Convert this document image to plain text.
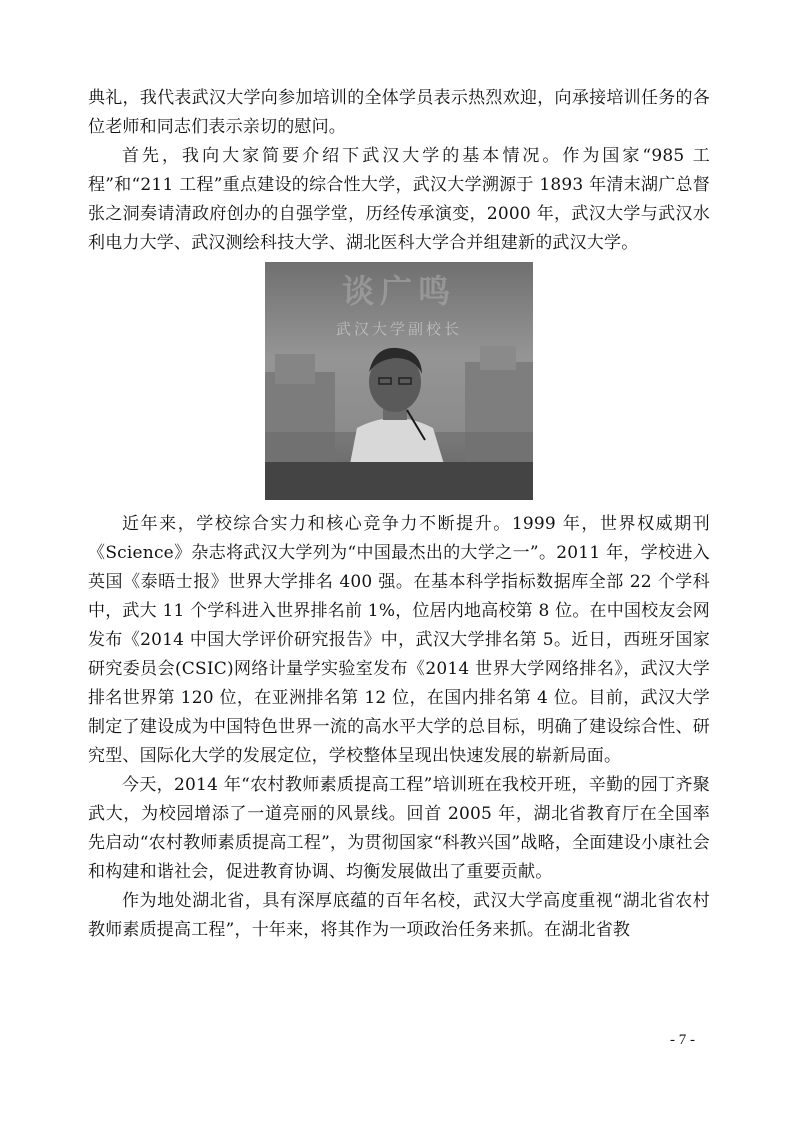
典礼，我代表武汉大学向参加培训的全体学员表示热烈欢迎，向承接培训任务的各位老师和同志们表示亲切的慰问。

首先，我向大家简要介绍下武汉大学的基本情况。作为国家“985 工程”和“211 工程”重点建设的综合性大学，武汉大学溯源于 1893 年清末湖广总督张之洞奏请清政府创办的自强学堂，历经传承演变，2000 年，武汉大学与武汉水利电力大学、武汉测绘科技大学、湖北医科大学合并组建新的武汉大学。

谈广鸣
武汉大学副校长

近年来，学校综合实力和核心竞争力不断提升。1999 年，世界权威期刊《Science》杂志将武汉大学列为“中国最杰出的大学之一”。2011 年，学校进入英国《泰晤士报》世界大学排名 400 强。在基本科学指标数据库全部 22 个学科中，武大 11 个学科进入世界排名前 1%，位居内地高校第 8 位。在中国校友会网发布《2014 中国大学评价研究报告》中，武汉大学排名第 5。近日，西班牙国家研究委员会(CSIC)网络计量学实验室发布《2014 世界大学网络排名》，武汉大学排名世界第 120 位，在亚洲排名第 12 位，在国内排名第 4 位。目前，武汉大学制定了建设成为中国特色世界一流的高水平大学的总目标，明确了建设综合性、研究型、国际化大学的发展定位，学校整体呈现出快速发展的崭新局面。

今天，2014 年“农村教师素质提高工程”培训班在我校开班，辛勤的园丁齐聚武大，为校园增添了一道亮丽的风景线。回首 2005 年，湖北省教育厅在全国率先启动“农村教师素质提高工程”，为贯彻国家“科教兴国”战略，全面建设小康社会和构建和谐社会，促进教育协调、均衡发展做出了重要贡献。

作为地处湖北省，具有深厚底蕴的百年名校，武汉大学高度重视“湖北省农村教师素质提高工程”，十年来，将其作为一项政治任务来抓。在湖北省教

- 7 -
